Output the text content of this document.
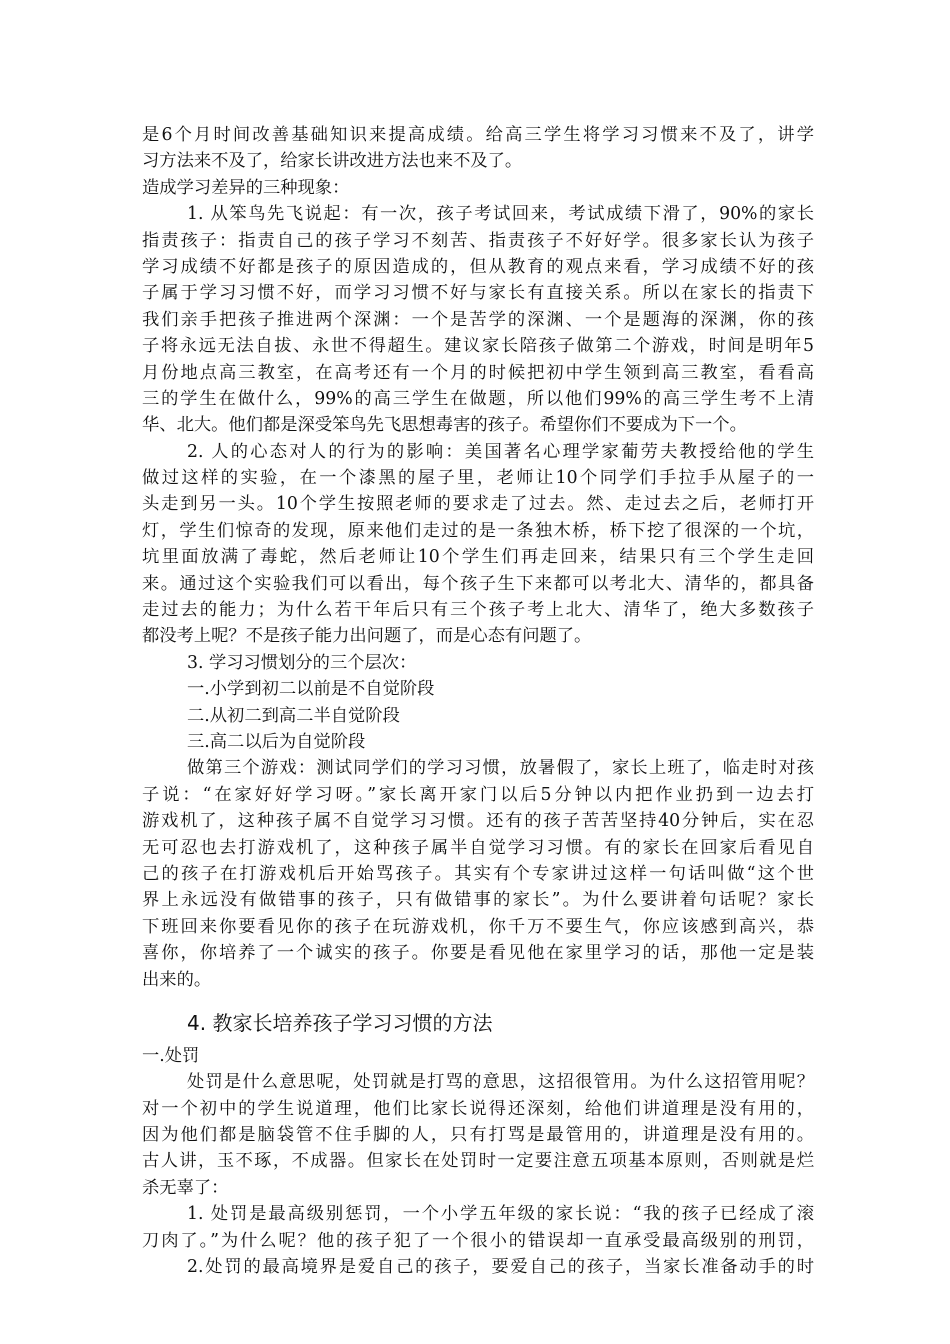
是6个月时间改善基础知识来提高成绩。给高三学生将学习习惯来不及了，讲学
习方法来不及了，给家长讲改进方法也来不及了。
造成学习差异的三种现象：
1. 从笨鸟先飞说起：有一次，孩子考试回来，考试成绩下滑了，90%的家长
指责孩子：指责自己的孩子学习不刻苦、指责孩子不好好学。很多家长认为孩子
学习成绩不好都是孩子的原因造成的，但从教育的观点来看，学习成绩不好的孩
子属于学习习惯不好，而学习习惯不好与家长有直接关系。所以在家长的指责下
我们亲手把孩子推进两个深渊：一个是苦学的深渊、一个是题海的深渊，你的孩
子将永远无法自拔、永世不得超生。建议家长陪孩子做第二个游戏，时间是明年5
月份地点高三教室，在高考还有一个月的时候把初中学生领到高三教室，看看高
三的学生在做什么，99%的高三学生在做题，所以他们99%的高三学生考不上清
华、北大。他们都是深受笨鸟先飞思想毒害的孩子。希望你们不要成为下一个。
2. 人的心态对人的行为的影响：美国著名心理学家葡劳夫教授给他的学生
做过这样的实验，在一个漆黑的屋子里，老师让10个同学们手拉手从屋子的一
头走到另一头。10个学生按照老师的要求走了过去。然、走过去之后，老师打开
灯，学生们惊奇的发现，原来他们走过的是一条独木桥，桥下挖了很深的一个坑，
坑里面放满了毒蛇，然后老师让10个学生们再走回来，结果只有三个学生走回
来。通过这个实验我们可以看出，每个孩子生下来都可以考北大、清华的，都具备
走过去的能力；为什么若干年后只有三个孩子考上北大、清华了，绝大多数孩子
都没考上呢？不是孩子能力出问题了，而是心态有问题了。
3. 学习习惯划分的三个层次：
一.小学到初二以前是不自觉阶段
二.从初二到高二半自觉阶段
三.高二以后为自觉阶段
做第三个游戏：测试同学们的学习习惯，放暑假了，家长上班了，临走时对孩
子说：“在家好好学习呀。”家长离开家门以后5分钟以内把作业扔到一边去打
游戏机了，这种孩子属不自觉学习习惯。还有的孩子苦苦坚持40分钟后，实在忍
无可忍也去打游戏机了，这种孩子属半自觉学习习惯。有的家长在回家后看见自
己的孩子在打游戏机后开始骂孩子。其实有个专家讲过这样一句话叫做“这个世
界上永远没有做错事的孩子，只有做错事的家长”。为什么要讲着句话呢？家长
下班回来你要看见你的孩子在玩游戏机，你千万不要生气，你应该感到高兴，恭
喜你，你培养了一个诚实的孩子。你要是看见他在家里学习的话，那他一定是装
出来的。
4. 教家长培养孩子学习习惯的方法
一.处罚
处罚是什么意思呢，处罚就是打骂的意思，这招很管用。为什么这招管用呢？
对一个初中的学生说道理，他们比家长说得还深刻，给他们讲道理是没有用的，
因为他们都是脑袋管不住手脚的人，只有打骂是最管用的，讲道理是没有用的。
古人讲，玉不琢，不成器。但家长在处罚时一定要注意五项基本原则，否则就是烂
杀无辜了：
1. 处罚是最高级别惩罚，一个小学五年级的家长说：“我的孩子已经成了滚
刀肉了。”为什么呢？他的孩子犯了一个很小的错误却一直承受最高级别的刑罚，
2.处罚的最高境界是爱自己的孩子，要爱自己的孩子，当家长准备动手的时
